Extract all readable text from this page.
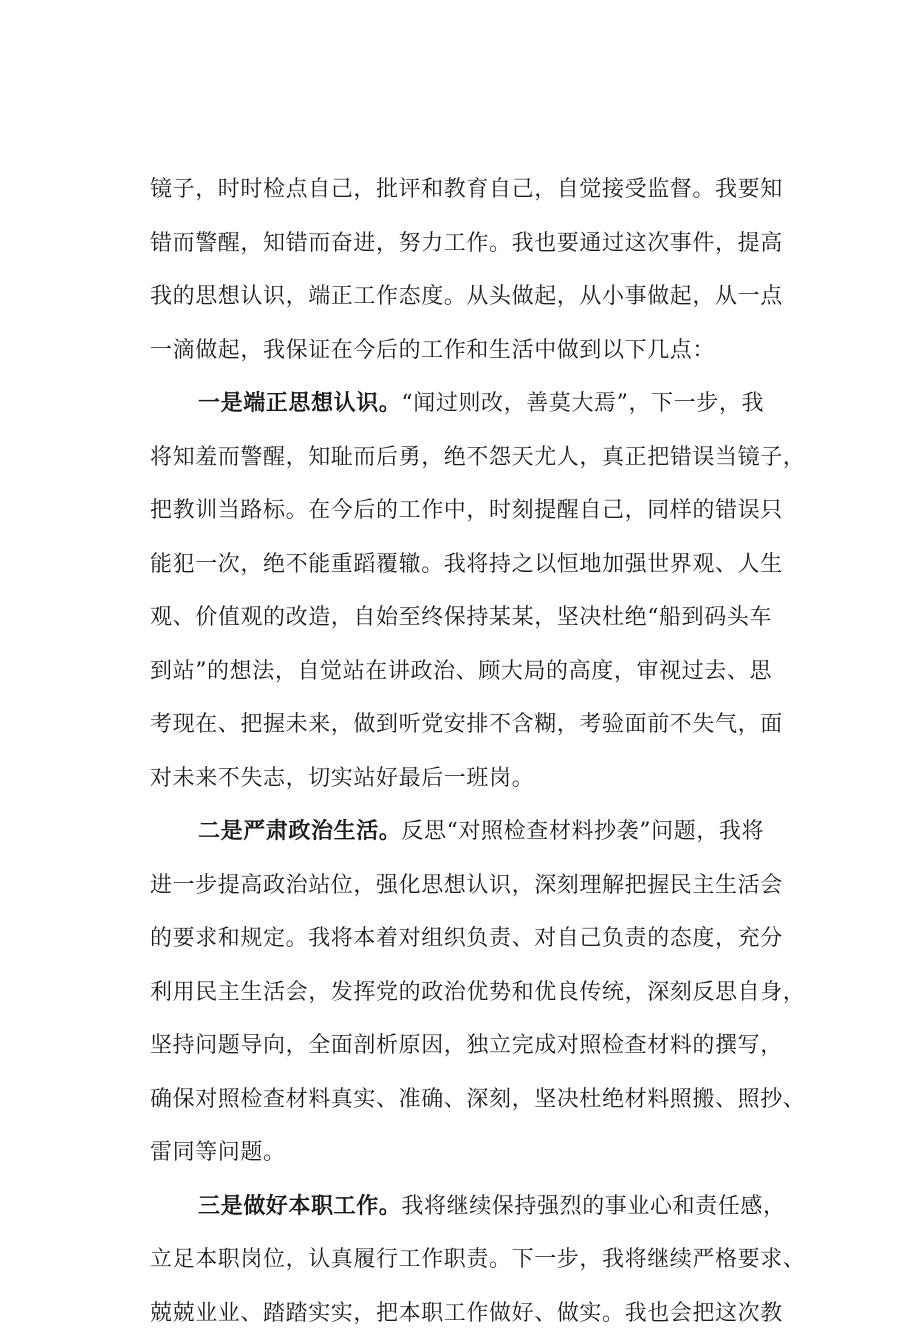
镜子，时时检点自己，批评和教育自己，自觉接受监督。我要知
错而警醒，知错而奋进，努力工作。我也要通过这次事件，提高
我的思想认识，端正工作态度。从头做起，从小事做起，从一点
一滴做起，我保证在今后的工作和生活中做到以下几点：
一是端正思想认识。“闻过则改，善莫大焉”，下一步，我
将知羞而警醒，知耻而后勇，绝不怨天尤人，真正把错误当镜子，
把教训当路标。在今后的工作中，时刻提醒自己，同样的错误只
能犯一次，绝不能重蹈覆辙。我将持之以恒地加强世界观、人生
观、价值观的改造，自始至终保持某某，坚决杜绝“船到码头车
到站”的想法，自觉站在讲政治、顾大局的高度，审视过去、思
考现在、把握未来，做到听党安排不含糊，考验面前不失气，面
对未来不失志，切实站好最后一班岗。
二是严肃政治生活。反思“对照检查材料抄袭”问题，我将
进一步提高政治站位，强化思想认识，深刻理解把握民主生活会
的要求和规定。我将本着对组织负责、对自己负责的态度，充分
利用民主生活会，发挥党的政治优势和优良传统，深刻反思自身，
坚持问题导向，全面剖析原因，独立完成对照检查材料的撰写，
确保对照检查材料真实、准确、深刻，坚决杜绝材料照搬、照抄、
雷同等问题。
三是做好本职工作。我将继续保持强烈的事业心和责任感，
立足本职岗位，认真履行工作职责。下一步，我将继续严格要求、
兢兢业业、踏踏实实，把本职工作做好、做实。我也会把这次教
